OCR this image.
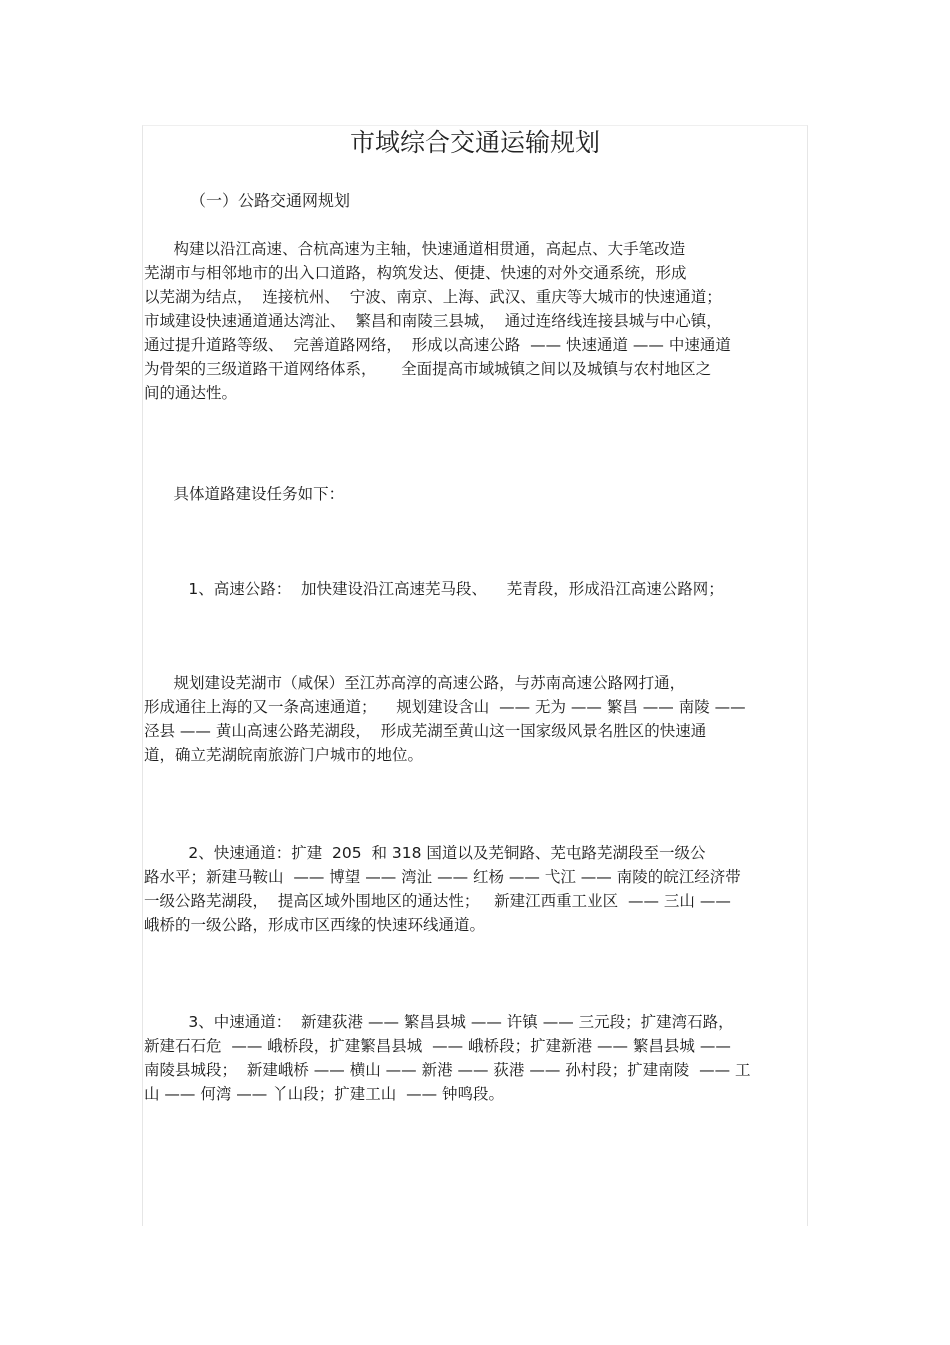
市域综合交通运输规划
（一）公路交通网规划
构建以沿江高速、合杭高速为主轴，快速通道相贯通，高起点、大手笔改造
芜湖市与相邻地市的出入口道路，构筑发达、便捷、快速的对外交通系统，形成
以芜湖为结点，  连接杭州、  宁波、南京、上海、武汉、重庆等大城市的快速通道；
市域建设快速通道通达湾沚、  繁昌和南陵三县城，  通过连络线连接县城与中心镇，
通过提升道路等级、  完善道路网络，  形成以高速公路  —— 快速通道 —— 中速通道
为骨架的三级道路干道网络体系，     全面提高市域城镇之间以及城镇与农村地区之
间的通达性。
具体道路建设任务如下：
1、高速公路：  加快建设沿江高速芜马段、    芜青段，形成沿江高速公路网；
规划建设芜湖市（咸保）至江苏高淳的高速公路，与苏南高速公路网打通，
形成通往上海的又一条高速通道；    规划建设含山  —— 无为 —— 繁昌 —— 南陵 ——
泾县 —— 黄山高速公路芜湖段，  形成芜湖至黄山这一国家级风景名胜区的快速通
道，确立芜湖皖南旅游门户城市的地位。
2、快速通道：扩建  205  和 318 国道以及芜铜路、芜屯路芜湖段至一级公
路水平；新建马鞍山  —— 博望 —— 湾沚 —— 红杨 —— 弋江 —— 南陵的皖江经济带
一级公路芜湖段，  提高区域外围地区的通达性；   新建江西重工业区  —— 三山 ——
峨桥的一级公路，形成市区西缘的快速环线通道。
3、中速通道：  新建荻港 —— 繁昌县城 —— 许镇 —— 三元段；扩建湾石路，
新建石石危  —— 峨桥段，扩建繁昌县城  —— 峨桥段；扩建新港 —— 繁昌县城 ——
南陵县城段；  新建峨桥 —— 横山 —— 新港 —— 荻港 —— 孙村段；扩建南陵  —— 工
山 —— 何湾 —— 丫山段；扩建工山  —— 钟鸣段。
